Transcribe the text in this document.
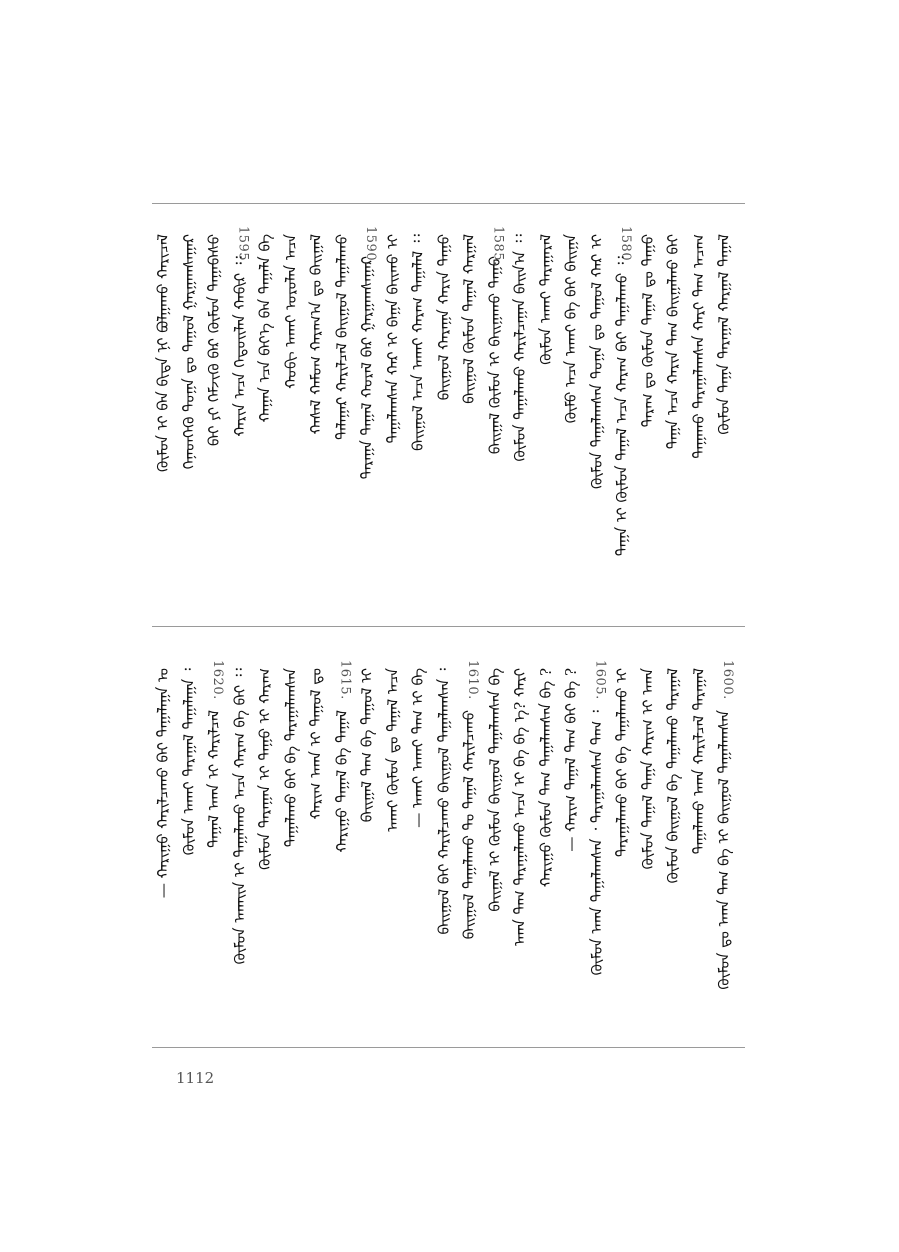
ᠬᠦᠮᠦᠨ ᠢ ᠪᠡᠨ ᠪᠢᠳᠡ ᠨᠢ ᠪᠣᠯᠭᠠᠬᠤ ᠬᠠᠷᠢᠴᠠᠯ ᠭᠡᠨᠡᠳᠬᠡᠬᠦ ᠲᠣᠭᠠ ᠳᠤ ᠲᠠᠭᠤᠯ ᠭᠠᠷᠭᠠᠭᠰᠠᠭᠠᠷ ᠪᠠᠢ ᠶᠢ ᠬᠡᠮᠵᠢᠬᠦ ᠪᠡᠷ ᠬᠦᠮᠦᠨ ᠳᠠᠭᠠᠪᠠᠰᠤ 1595.
ᠬᠠᠷᠢᠨ ᠠᠴᠠ ᠬᠡᠳᠦᠢᠯᠡᠨ ᠬᠠᠪᠢᠷ ᠄᠄ ᠬᠠᠭᠠᠨ ᠡᠴᠡ ᠪᠡᠶ᠎ᠡ ᠪᠡᠨ ᠲᠠᠭᠠᠯᠠ ᠪᠠ ᠬᠤᠪᠢ ᠠᠬᠠᠢ ᠣᠷᠣᠯᠠᠨ ᠠᠴᠠ ᠬᠠᠰᠠᠯ ᠬᠠᠮᠤᠭ ᠬᠠᠷᠠᠭ᠎ᠠ ᠳᠤ ᠪᠠᠢᠭᠠᠯ ᠲᠠᠯᠠᠭᠠᠷ ᠬᠠᠷᠢᠯᠴᠠᠯ ᠪᠠᠢᠭᠤᠯ ᠲᠠᠭᠠᠯᠠᠬᠤ 1590.
ᠲᠠᠷᠠᠭᠠ ᠲᠠᠭᠠᠯ ᠬᠤᠷᠠᠯ ᠪᠠᠷ ᠭᠠᠷᠭᠠᠭᠰᠠᠭᠠᠷ ᠲᠠᠭᠠᠯᠠᠭᠰᠠᠨ ᠬᠠᠷ ᠢ ᠪᠠᠭᠠ ᠪᠠᠢᠬᠤ ᠢ ᠪᠠᠢᠭᠤᠯ ᠠᠴᠠ ᠠᠬᠠᠢ ᠬᠠᠷᠠᠭ ᠲᠠᠭᠠᠯᠠᠯ ᠄᠄ ᠪᠠᠢᠭᠤᠯ ᠬᠠᠷᠠᠭᠠ ᠬᠠᠷᠢᠨ ᠲᠠᠭᠤ ᠪᠠᠢᠭᠤᠯ ᠬᠦᠮᠦᠨ ᠲᠠᠭᠠᠯ ᠬᠠᠷᠭᠠᠯ 1585.
ᠪᠠᠢᠭᠠᠯ ᠬᠦᠮᠦᠨ ᠢ ᠪᠠᠢᠭᠠᠬᠤ ᠲᠠᠭᠤ ᠬᠦᠮᠦᠨ ᠲᠠᠭᠠᠯᠠᠬᠤ ᠬᠠᠷᠢᠯᠴᠠᠭᠠᠨ ᠪᠠᠢᠨ᠎ᠠ ᠄᠄ ᠬᠦᠮᠦᠨ ᠠᠬᠠᠢ ᠲᠠᠷᠠᠭᠠᠷᠠᠯ ᠬᠦᠮᠦ ᠠᠴᠠ ᠠᠬᠠᠢ ᠪᠠ ᠪᠠᠢ ᠪᠠᠢᠭᠠ ᠬᠦᠮᠦᠨ ᠲᠠᠭᠠᠯᠠᠭᠰᠠᠨ ᠲᠣᠭᠠ ᠳᠤ ᠲᠠᠭᠤᠯ ᠬᠠᠷ ᠢ 1580.
ᠲᠠᠭᠠ ᠢ ᠬᠦᠮᠦᠨ ᠲᠠᠭᠠᠯ ᠠᠴᠠ ᠬᠠᠷᠠᠭ ᠪᠠᠢ ᠲᠠᠭᠠᠯᠠᠬᠤ ᠄᠄ ᠲᠠᠷᠠᠭ ᠳᠤ ᠬᠦᠮᠦᠨ ᠲᠠᠭᠠᠯ ᠳᠤ ᠲᠠᠭᠤ ᠲᠠᠭᠠ ᠠᠴᠠ ᠬᠠᠷᠢᠨ ᠲᠠᠭ ᠪᠠᠢᠭᠠᠯᠬᠤ ᠪᠠᠢ ᠲᠠᠭᠠᠬᠤ ᠲᠠᠷᠠᠭᠠᠯᠠᠭᠰᠠᠨ ᠬᠠᠷᠢ ᠲᠠᠭ ᠠᠴᠠᠭ ᠬᠦᠮᠦᠨ ᠲᠠᠭᠠ ᠲᠠᠷᠠᠭᠠᠯ ᠬᠠᠷᠭᠠᠯ ᠲᠠᠭᠠᠯ
— ᠬᠠᠷᠢᠭᠤ ᠬᠠᠷᠢᠯᠴᠠᠬᠤ ᠪᠠᠢ ᠲᠠᠭᠠᠯᠠᠭᠠ ᠤ ᠬᠦᠮᠦᠨ ᠠᠬᠠᠢ ᠲᠠᠷᠠᠭᠠᠯ ᠲᠠᠭᠠᠯᠠᠭᠠ ᠄ 1620.
ᠲᠠᠭᠠᠯ ᠠᠬᠠ ᠢ ᠬᠠᠷᠢᠯᠴᠠᠯ ᠬᠦᠮᠦᠨ ᠠᠬᠠᠢᠨ ᠢ ᠲᠠᠭᠠᠯᠠᠬᠤ ᠠᠴᠠ ᠬᠠᠷᠠᠭ ᠪᠠ ᠪᠠᠢ ᠄᠄ ᠬᠦᠮᠦᠨ ᠲᠠᠷᠠᠭᠠᠨ ᠢ ᠲᠠᠭᠤ ᠢ ᠬᠠᠷᠠᠭ ᠲᠠᠭᠠᠯᠠᠬᠤ ᠪᠠᠢ ᠪᠠ ᠲᠠᠷᠠᠭᠠᠯᠠᠭᠰᠠᠨ ᠬᠠᠷᠢᠭ ᠠᠬᠠ ᠢ ᠲᠠᠭᠤᠯ ᠳᠤ 1615.
ᠬᠠᠷᠢᠭᠤ ᠲᠠᠭᠠᠯ ᠪᠠ ᠲᠠᠭᠠᠯ ᠪᠠᠢᠭᠠᠯ ᠲᠠᠭ ᠪᠠ ᠲᠠᠭᠤᠯ ᠢ ᠠᠬᠠᠢ ᠬᠦᠮᠦᠨ ᠳᠤ ᠲᠠᠭᠠᠯ ᠠᠴᠠ — ᠠᠬᠠᠢ ᠠᠬᠠᠢ ᠲᠠᠭ ᠢ ᠪᠠ ᠪᠠᠢᠭᠤᠯ ᠪᠠᠢ ᠬᠠᠷᠢᠯᠴᠠᠬᠤ ᠪᠠᠢᠭᠤᠯ ᠲᠠᠭᠠᠯᠠᠭᠰᠠᠨ ᠄ 1610.
ᠪᠠᠢᠭᠤᠯ ᠲᠠᠭᠠᠯᠠᠬᠤ ᠲᠤ ᠲᠠᠭᠠᠯ ᠬᠠᠷᠢᠯᠴᠠᠬᠤ ᠪᠠᠢᠭᠠᠯ ᠢ ᠬᠦᠮᠦᠨ ᠪᠠᠢᠭᠤᠯ ᠲᠠᠭᠠᠯᠠᠭᠰᠠᠨ ᠪᠠ ᠠᠬᠠ ᠲᠠᠭ ᠲᠠᠷᠠᠭᠠᠯᠠᠬᠤ ᠠᠴᠠ ᠢ ᠪᠠ ᠪᠠ ᠡ? ᠬᠠᠷᠢ ᠬᠠᠷᠢᠭᠤ ᠬᠦᠮᠦᠨ ᠲᠠᠭ ᠲᠠᠭᠠᠯᠠᠭᠰᠠᠨ ᠪᠠ ? — ᠬᠠᠷᠢᠭ ᠲᠠᠭᠠᠯ ᠲᠠᠭ ᠪᠠᠢ ᠪᠠ ? 1605.
ᠬᠦᠮᠦᠨ ᠠᠬᠠ ᠲᠠᠭᠠᠯᠠᠭᠰᠠᠨ ᠂ ᠲᠠᠷᠠᠭᠠᠯᠠᠭᠰᠠᠨ ᠲᠠᠭ ᠄ ᠲᠠᠷᠠᠭᠠᠯᠠᠬᠤ ᠪᠠᠢ ᠪᠠ ᠲᠠᠭᠠᠯᠠᠬᠤ ᠢ ᠬᠦᠮᠦᠨ ᠲᠠᠭᠠᠯ ᠲᠠᠭᠠ ᠬᠠᠷᠢᠭ ᠢ ᠠᠬᠠ ᠬᠦᠮᠦᠨ ᠪᠠᠢᠭᠤᠯ ᠪᠠ ᠲᠠᠭᠠᠯᠠᠬᠤ ᠲᠠᠷᠠᠭᠠᠯ ᠲᠠᠭᠠᠯᠠᠬᠤ ᠠᠬᠠ ᠬᠠᠷᠢᠯᠴᠠᠯ ᠲᠠᠷᠠᠭᠠᠯ 1600.
ᠬᠦᠮᠦᠨ ᠳᠤ ᠠᠬᠠ ᠲᠠᠭ ᠪᠠ ᠢ ᠪᠠᠢᠭᠤᠯ ᠲᠠᠭᠠᠯᠠᠭᠰᠠᠨ
1112
